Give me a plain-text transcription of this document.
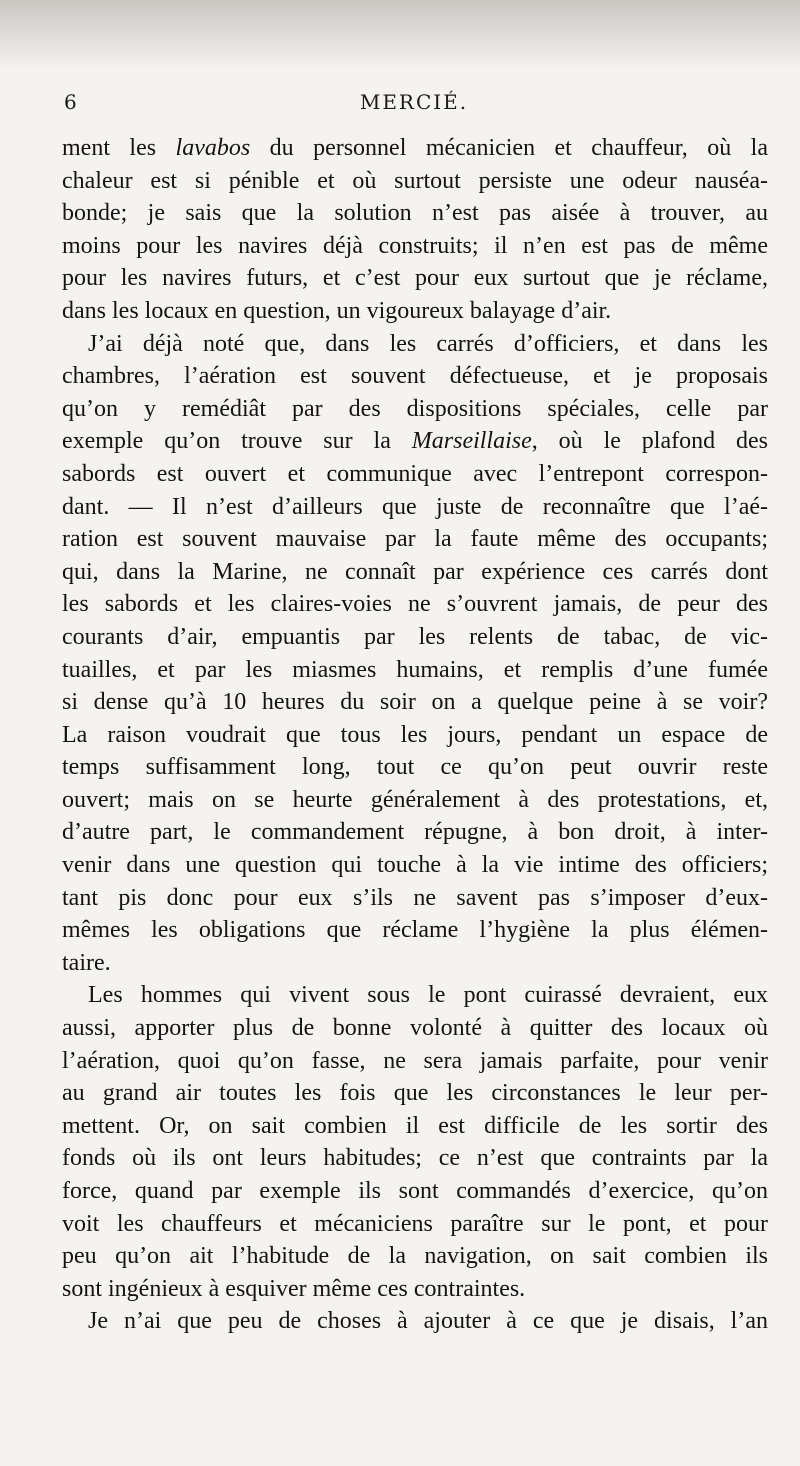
6	MERCIÉ.
ment les lavabos du personnel mécanicien et chauffeur, où la
chaleur est si pénible et où surtout persiste une odeur nauséa-
bonde; je sais que la solution n’est pas aisée à trouver, au
moins pour les navires déjà construits; il n’en est pas de même
pour les navires futurs, et c’est pour eux surtout que je réclame,
dans les locaux en question, un vigoureux balayage d’air.
J’ai déjà noté que, dans les carrés d’officiers, et dans les
chambres, l’aération est souvent défectueuse, et je proposais
qu’on y remédiât par des dispositions spéciales, celle par
exemple qu’on trouve sur la Marseillaise, où le plafond des
sabords est ouvert et communique avec l’entrepont correspon-
dant. — Il n’est d’ailleurs que juste de reconnaître que l’aé-
ration est souvent mauvaise par la faute même des occupants;
qui, dans la Marine, ne connaît par expérience ces carrés dont
les sabords et les claires-voies ne s’ouvrent jamais, de peur des
courants d’air, empuantis par les relents de tabac, de vic-
tuailles, et par les miasmes humains, et remplis d’une fumée
si dense qu’à 10 heures du soir on a quelque peine à se voir?
La raison voudrait que tous les jours, pendant un espace de
temps suffisamment long, tout ce qu’on peut ouvrir reste
ouvert; mais on se heurte généralement à des protestations, et,
d’autre part, le commandement répugne, à bon droit, à inter-
venir dans une question qui touche à la vie intime des officiers;
tant pis donc pour eux s’ils ne savent pas s’imposer d’eux-
mêmes les obligations que réclame l’hygiène la plus élémen-
taire.
Les hommes qui vivent sous le pont cuirassé devraient, eux
aussi, apporter plus de bonne volonté à quitter des locaux où
l’aération, quoi qu’on fasse, ne sera jamais parfaite, pour venir
au grand air toutes les fois que les circonstances le leur per-
mettent. Or, on sait combien il est difficile de les sortir des
fonds où ils ont leurs habitudes; ce n’est que contraints par la
force, quand par exemple ils sont commandés d’exercice, qu’on
voit les chauffeurs et mécaniciens paraître sur le pont, et pour
peu qu’on ait l’habitude de la navigation, on sait combien ils
sont ingénieux à esquiver même ces contraintes.
Je n’ai que peu de choses à ajouter à ce que je disais, l’an
